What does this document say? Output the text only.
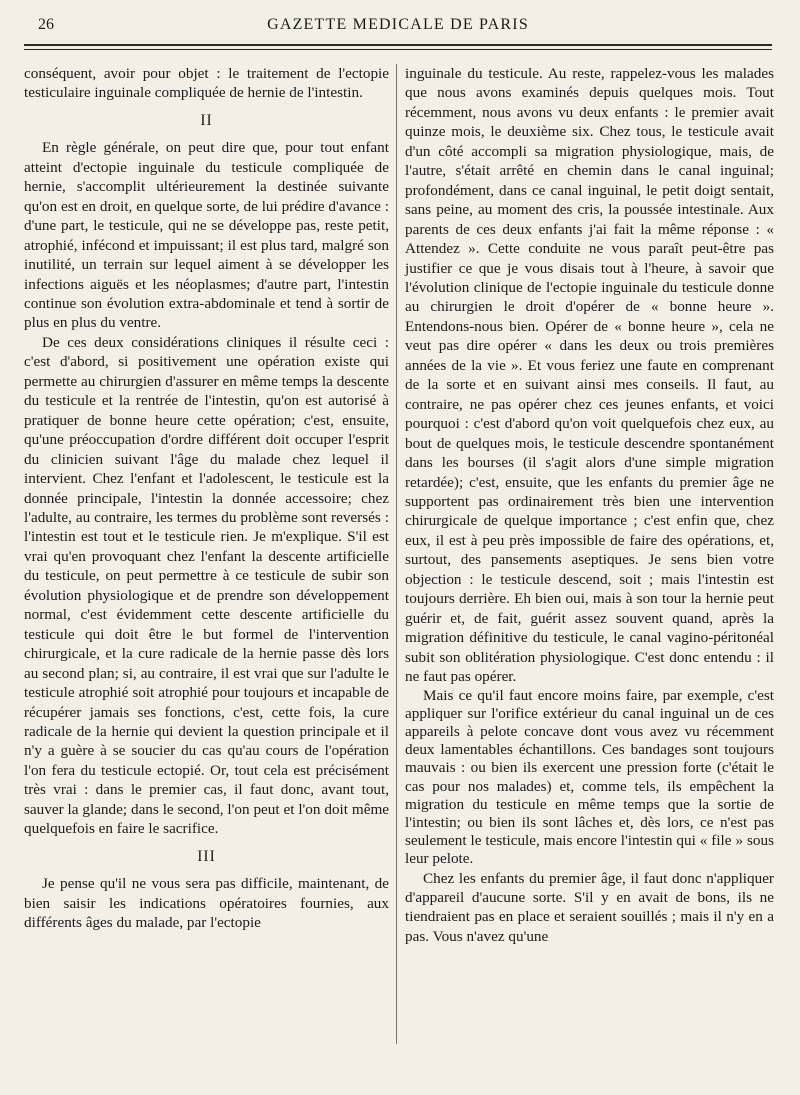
26	GAZETTE MEDICALE DE PARIS

conséquent, avoir pour objet : le traitement de l'ectopie testiculaire inguinale compliquée de hernie de l'intestin.

II

En règle générale, on peut dire que, pour tout enfant atteint d'ectopie inguinale du testicule compliquée de hernie, s'accomplit ultérieurement la destinée suivante qu'on est en droit, en quelque sorte, de lui prédire d'avance : d'une part, le testicule, qui ne se développe pas, reste petit, atrophié, infécond et impuissant; il est plus tard, malgré son inutilité, un terrain sur lequel aiment à se développer les infections aiguës et les néoplasmes; d'autre part, l'intestin continue son évolution extra-abdominale et tend à sortir de plus en plus du ventre.

De ces deux considérations cliniques il résulte ceci : c'est d'abord, si positivement une opération existe qui permette au chirurgien d'assurer en même temps la descente du testicule et la rentrée de l'intestin, qu'on est autorisé à pratiquer de bonne heure cette opération; c'est, ensuite, qu'une préoccupation d'ordre différent doit occuper l'esprit du clinicien suivant l'âge du malade chez lequel il intervient. Chez l'enfant et l'adolescent, le testicule est la donnée principale, l'intestin la donnée accessoire; chez l'adulte, au contraire, les termes du problème sont reversés : l'intestin est tout et le testicule rien. Je m'explique. S'il est vrai qu'en provoquant chez l'enfant la descente artificielle du testicule, on peut permettre à ce testicule de subir son évolution physiologique et de prendre son développement normal, c'est évidemment cette descente artificielle du testicule qui doit être le but formel de l'intervention chirurgicale, et la cure radicale de la hernie passe dès lors au second plan; si, au contraire, il est vrai que sur l'adulte le testicule atrophié soit atrophié pour toujours et incapable de récupérer jamais ses fonctions, c'est, cette fois, la cure radicale de la hernie qui devient la question principale et il n'y a guère à se soucier du cas qu'au cours de l'opération l'on fera du testicule ectopié. Or, tout cela est précisément très vrai : dans le premier cas, il faut donc, avant tout, sauver la glande; dans le second, l'on peut et l'on doit même quelquefois en faire le sacrifice.

III

Je pense qu'il ne vous sera pas difficile, maintenant, de bien saisir les indications opératoires fournies, aux différents âges du malade, par l'ectopie

inguinale du testicule. Au reste, rappelez-vous les malades que nous avons examinés depuis quelques mois. Tout récemment, nous avons vu deux enfants : le premier avait quinze mois, le deuxième six. Chez tous, le testicule avait d'un côté accompli sa migration physiologique, mais, de l'autre, s'était arrêté en chemin dans le canal inguinal; profondément, dans ce canal inguinal, le petit doigt sentait, sans peine, au moment des cris, la poussée intestinale. Aux parents de ces deux enfants j'ai fait la même réponse : « Attendez ». Cette conduite ne vous paraît peut-être pas justifier ce que je vous disais tout à l'heure, à savoir que l'évolution clinique de l'ectopie inguinale du testicule donne au chirurgien le droit d'opérer de « bonne heure ». Entendons-nous bien. Opérer de « bonne heure », cela ne veut pas dire opérer « dans les deux ou trois premières années de la vie ». Et vous feriez une faute en comprenant de la sorte et en suivant ainsi mes conseils. Il faut, au contraire, ne pas opérer chez ces jeunes enfants, et voici pourquoi : c'est d'abord qu'on voit quelquefois chez eux, au bout de quelques mois, le testicule descendre spontanément dans les bourses (il s'agit alors d'une simple migration retardée); c'est, ensuite, que les enfants du premier âge ne supportent pas ordinairement très bien une intervention chirurgicale de quelque importance ; c'est enfin que, chez eux, il est à peu près impossible de faire des opérations, et, surtout, des pansements aseptiques. Je sens bien votre objection : le testicule descend, soit ; mais l'intestin est toujours derrière. Eh bien oui, mais à son tour la hernie peut guérir et, de fait, guérit assez souvent quand, après la migration définitive du testicule, le canal vagino-péritonéal subit son oblitération physiologique. C'est donc entendu : il ne faut pas opérer.

Mais ce qu'il faut encore moins faire, par exemple, c'est appliquer sur l'orifice extérieur du canal inguinal un de ces appareils à pelote concave dont vous avez vu récemment deux lamentables échantillons. Ces bandages sont toujours mauvais : ou bien ils exercent une pression forte (c'était le cas pour nos malades) et, comme tels, ils empêchent la migration du testicule en même temps que la sortie de l'intestin; ou bien ils sont lâches et, dès lors, ce n'est pas seulement le testicule, mais encore l'intestin qui « file » sous leur pelote.

Chez les enfants du premier âge, il faut donc n'appliquer d'appareil d'aucune sorte. S'il y en avait de bons, ils ne tiendraient pas en place et seraient souillés ; mais il n'y en a pas. Vous n'avez qu'une
